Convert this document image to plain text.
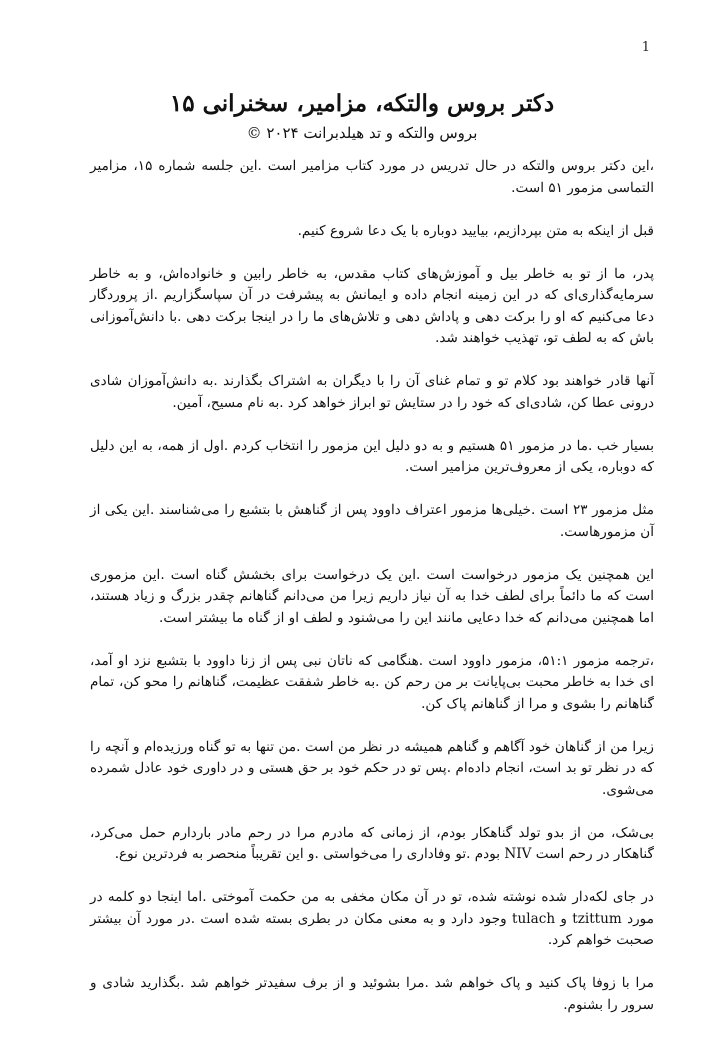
1
دکتر بروس والتکه، مزامیر، سخنرانی ۱۵
بروس والتکه و تد هیلدبرانت ۲۰۲۴ ©

،این دکتر بروس والتکه در حال تدریس در مورد کتاب مزامیر است .این جلسه شماره ۱۵، مزامیر التماسی مزمور ۵۱ است.

قبل از اینکه به متن بپردازیم، بیایید دوباره با یک دعا شروع کنیم.

پدر، ما از تو به خاطر بیل و آموزش‌های کتاب مقدس، به خاطر رابین و خانواده‌اش، و به خاطر سرمایه‌گذاری‌ای که در این زمینه انجام داده و ایمانش به پیشرفت در آن سپاسگزاریم .از پروردگار دعا می‌کنیم که او را برکت دهی و پاداش دهی و تلاش‌های ما را در اینجا برکت دهی .با دانش‌آموزانی باش که به لطف تو، تهذیب خواهند شد.

آنها قادر خواهند بود کلام تو و تمام غنای آن را با دیگران به اشتراک بگذارند .به دانش‌آموزان شادی درونی عطا کن، شادی‌ای که خود را در ستایش تو ابراز خواهد کرد .به نام مسیح، آمین.

بسیار خب .ما در مزمور ۵۱ هستیم و به دو دلیل این مزمور را انتخاب کردم .اول از همه، به این دلیل که دوباره، یکی از معروف‌ترین مزامیر است.

مثل مزمور ۲۳ است .خیلی‌ها مزمور اعتراف داوود پس از گناهش با بتشبع را می‌شناسند .این یکی از آن مزمورهاست.

این همچنین یک مزمور درخواست است .این یک درخواست برای بخشش گناه است .این مزموری است که ما دائماً برای لطف خدا به آن نیاز داریم زیرا من می‌دانم گناهانم چقدر بزرگ و زیاد هستند، اما همچنین می‌دانم که خدا دعایی مانند این را می‌شنود و لطف او از گناه ما بیشتر است.

،ترجمه مزمور ۵۱:۱، مزمور داوود است .هنگامی که ناتان نبی پس از زنا داوود با بتشبع نزد او آمد، ای خدا به خاطر محبت بی‌پایانت بر من رحم کن .به خاطر شفقت عظیمت، گناهانم را محو کن، تمام گناهانم را بشوی و مرا از گناهانم پاک کن.

زیرا من از گناهان خود آگاهم و گناهم همیشه در نظر من است .من تنها به تو گناه ورزیده‌ام و آنچه را که در نظر تو بد است، انجام داده‌ام .پس تو در حکم خود بر حق هستی و در داوری خود عادل شمرده می‌شوی.

بی‌شک، من از بدو تولد گناهکار بودم، از زمانی که مادرم مرا در رحم مادر باردارم حمل می‌کرد، گناهکار در رحم است NIV بودم .تو وفاداری را می‌خواستی .و این تقریباً منحصر به فردترین نوع.

در جای لکه‌دار شده نوشته شده، تو در آن مکان مخفی به من حکمت آموختی .اما اینجا دو کلمه در مورد tzittum و tulach وجود دارد و به معنی مکان در بطری بسته شده است .در مورد آن بیشتر صحبت خواهم کرد.

مرا با زوفا پاک کنید و پاک خواهم شد .مرا بشوئید و از برف سفیدتر خواهم شد .بگذارید شادی و سرور را بشنوم.
